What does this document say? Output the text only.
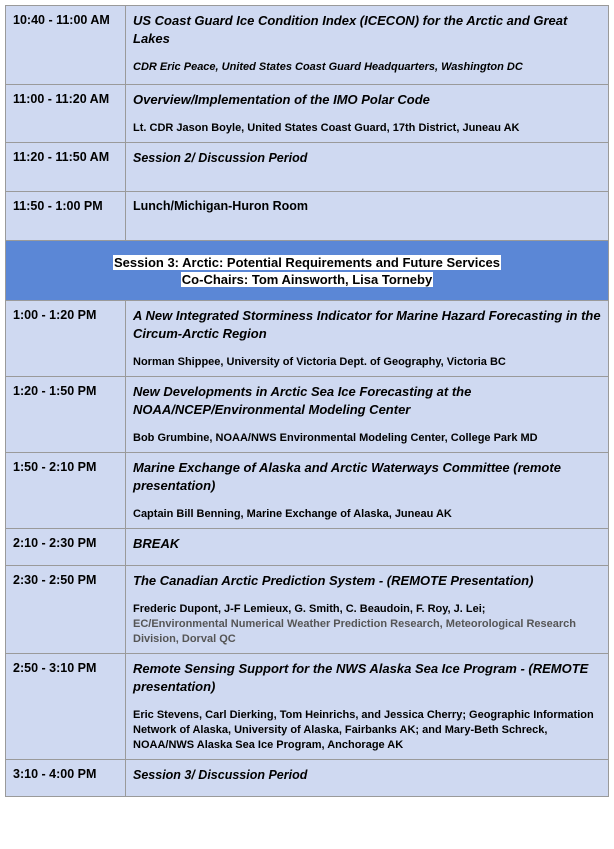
10:40 - 11:00 AM	US Coast Guard Ice Condition Index (ICECON) for the Arctic and Great Lakes
CDR Eric Peace, United States Coast Guard Headquarters, Washington DC

11:00 - 11:20 AM	Overview/Implementation of the IMO Polar Code
Lt. CDR Jason Boyle, United States Coast Guard, 17th District, Juneau AK

11:20 - 11:50 AM	Session 2/ Discussion Period

11:50 - 1:00 PM	Lunch/Michigan-Huron Room

Session 3: Arctic: Potential Requirements and Future Services
Co-Chairs: Tom Ainsworth, Lisa Torneby	

1:00 - 1:20 PM	A New Integrated Storminess Indicator for Marine Hazard Forecasting in the Circum-Arctic Region
Norman Shippee, University of Victoria Dept. of Geography, Victoria BC

1:20 - 1:50 PM	New Developments in Arctic Sea Ice Forecasting at the NOAA/NCEP/Environmental Modeling Center
Bob Grumbine, NOAA/NWS Environmental Modeling Center, College Park MD

1:50 - 2:10 PM	Marine Exchange of Alaska and Arctic Waterways Committee (remote presentation)
Captain Bill Benning, Marine Exchange of Alaska, Juneau AK

2:10 - 2:30 PM	BREAK

2:30 - 2:50 PM	The Canadian Arctic Prediction System - (REMOTE Presentation)
Frederic Dupont, J-F Lemieux, G. Smith, C. Beaudoin, F. Roy, J. Lei;
EC/Environmental Numerical Weather Prediction Research, Meteorological Research Division, Dorval QC

2:50 - 3:10 PM	Remote Sensing Support for the NWS Alaska Sea Ice Program - (REMOTE presentation)
Eric Stevens, Carl Dierking, Tom Heinrichs, and Jessica Cherry; Geographic Information Network of Alaska, University of Alaska, Fairbanks AK; and Mary-Beth Schreck, NOAA/NWS Alaska Sea Ice Program, Anchorage AK

3:10 - 4:00 PM	Session 3/ Discussion Period
